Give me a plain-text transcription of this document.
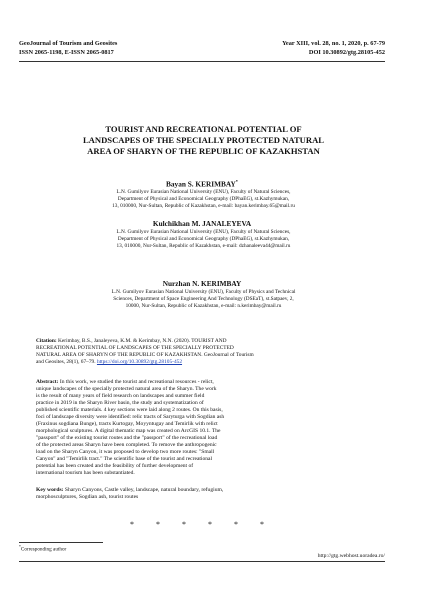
GeoJournal of Tourism and Geosites
ISSN 2065-1198, E-ISSN 2065-0817
Year XIII, vol. 28, no. 1, 2020, p. 67-79
DOI 10.30892/gtg.28105-452
TOURIST AND RECREATIONAL POTENTIAL OF
LANDSCAPES OF THE SPECIALLY PROTECTED NATURAL
AREA OF SHARYN OF THE REPUBLIC OF KAZAKHSTAN
Bayan S. KERIMBAY*
L.N. Gumilyov Eurasian National University (ENU), Faculty of Natural Sciences,
Department of Physical and Economical Geography (DPhaEG), st.Kazhymukan,
13, 010000, Nur-Sultan, Republic of Kazakhstan, e-mail: bayan.kerimbay.65@mail.ru
Kulchikhan M. JANALEYEVA
L.N. Gumilyov Eurasian National University (ENU), Faculty of Natural Sciences,
Department of Physical and Economical Geography (DPhaEG), st.Kazhymukan,
13, 010000, Nur-Sultan, Republic of Kazakhstan, e-mail: dzhanaleeva44@mail.ru
Nurzhan N. KERIMBAY
L.N. Gumilyov Eurasian National University (ENU), Faculty of Physics and Technical
Sciences, Department of Space Engineering And Technology (DSEaT), st.Satpaev, 2,
10000, Nur-Sultan, Republic of Kazakhstan, e-mail: n.kerimbay@mail.ru
Citation: Kerimbay, B.S., Janaleyeva, K.M. & Kerimbay, N.N. (2020). TOURIST AND
RECREATIONAL POTENTIAL OF LANDSCAPES OF THE SPECIALLY PROTECTED
NATURAL AREA OF SHARYN OF THE REPUBLIC OF KAZAKHSTAN. GeoJournal of Tourism
and Geosites, 28(1), 67–79. https://doi.org/10.30892/gtg.28105-452
Abstract: In this work, we studied the tourist and recreational resources - relict,
unique landscapes of the specially protected natural area of the Sharyn. The work
is the result of many years of field research on landscapes and summer field
practice in 2019 in the Sharyn River basin, the study and systematization of
published scientific materials. 4 key sections were laid along 2 routes. On this basis,
foci of landscape diversity were identified: relic tracts of Saryturga with Sogdian ash
(Fraxinus sogdiana Bunge), tracts Kurtogay, Moyyntugay and Temirlik with relict
morphological sculptures. A digital thematic map was created on ArcGIS 10.1. The
"passport" of the existing tourist routes and the "passport" of the recreational load
of the protected areas Sharyn have been completed. To remove the anthropogenic
load on the Sharyn Canyon, it was proposed to develop two more routes: "Small
Canyon" and "Temirlik tract." The scientific base of the tourist and recreational
potential has been created and the feasibility of further development of
international tourism has been substantiated.
Key words: Sharyn Canyons, Castle valley, landscape, natural boundary, refugium,
morphosculptures, Sogdian ash, tourist routes
* * * * * *
*Corresponding author
http://gtg.webhost.uoradea.ro/
